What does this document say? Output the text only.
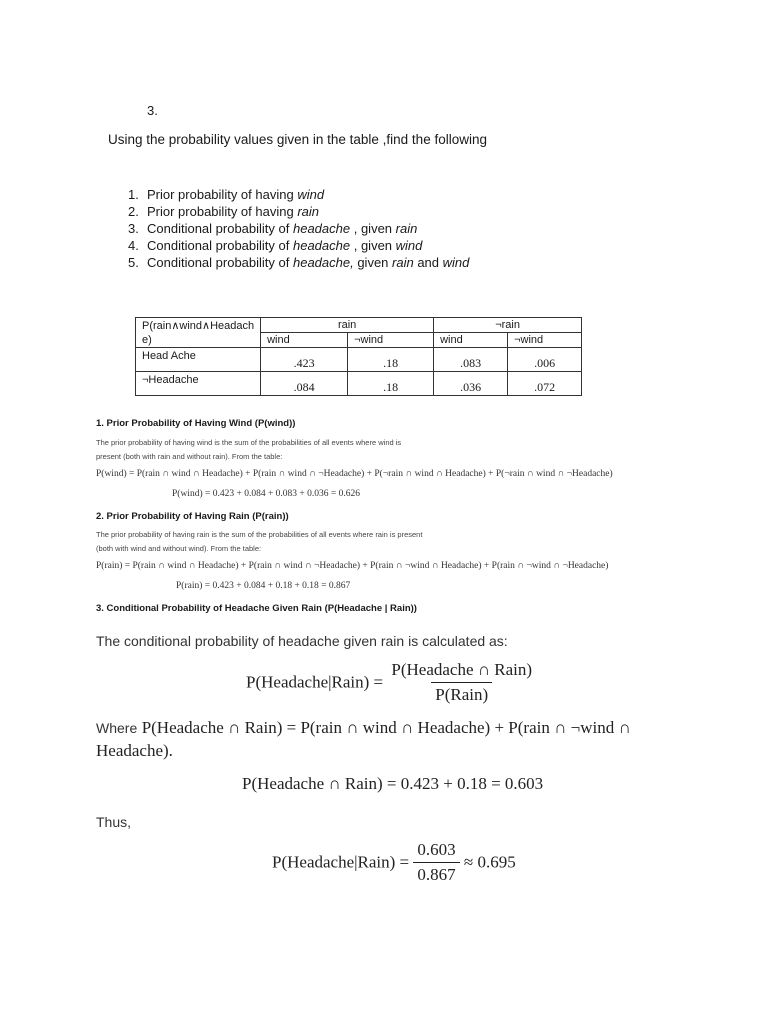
3.
Using the probability values given in the table ,find the following
1. Prior probability of having wind
2. Prior probability of having rain
3. Conditional probability of headache , given rain
4. Conditional probability of headache , given wind
5. Conditional probability of headache, given rain and wind
P(rain∧wind∧Headach e)	rain		¬rain	
	wind	¬wind	wind	¬wind
Head Ache	.423	.18	.083	.006
¬Headache	.084	.18	.036	.072
1. Prior Probability of Having Wind (P(wind))
The prior probability of having wind is the sum of the probabilities of all events where wind is
present (both with rain and without rain). From the table:
P(wind) = P(rain ∩ wind ∩ Headache) + P(rain ∩ wind ∩ ¬Headache) + P(¬rain ∩ wind ∩ Headache) + P(¬rain ∩ wind ∩ ¬Headache)
P(wind) = 0.423 + 0.084 + 0.083 + 0.036 = 0.626
2. Prior Probability of Having Rain (P(rain))
The prior probability of having rain is the sum of the probabilities of all events where rain is present
(both with wind and without wind). From the table:
P(rain) = P(rain ∩ wind ∩ Headache) + P(rain ∩ wind ∩ ¬Headache) + P(rain ∩ ¬wind ∩ Headache) + P(rain ∩ ¬wind ∩ ¬Headache)
P(rain) = 0.423 + 0.084 + 0.18 + 0.18 = 0.867
3. Conditional Probability of Headache Given Rain (P(Headache | Rain))
The conditional probability of headache given rain is calculated as:
P(Headache|Rain) = $\frac{\text{P(Headache ∩ Rain)}}{\text{P(Rain)}}$
Where P(Headache ∩ Rain) = P(rain ∩ wind ∩ Headache) + P(rain ∩ ¬wind ∩
Headache).
P(Headache ∩ Rain) = 0.423 + 0.18 = 0.603
Thus,
P(Headache|Rain) = $\frac{0.603}{0.867} \approx 0.695$
